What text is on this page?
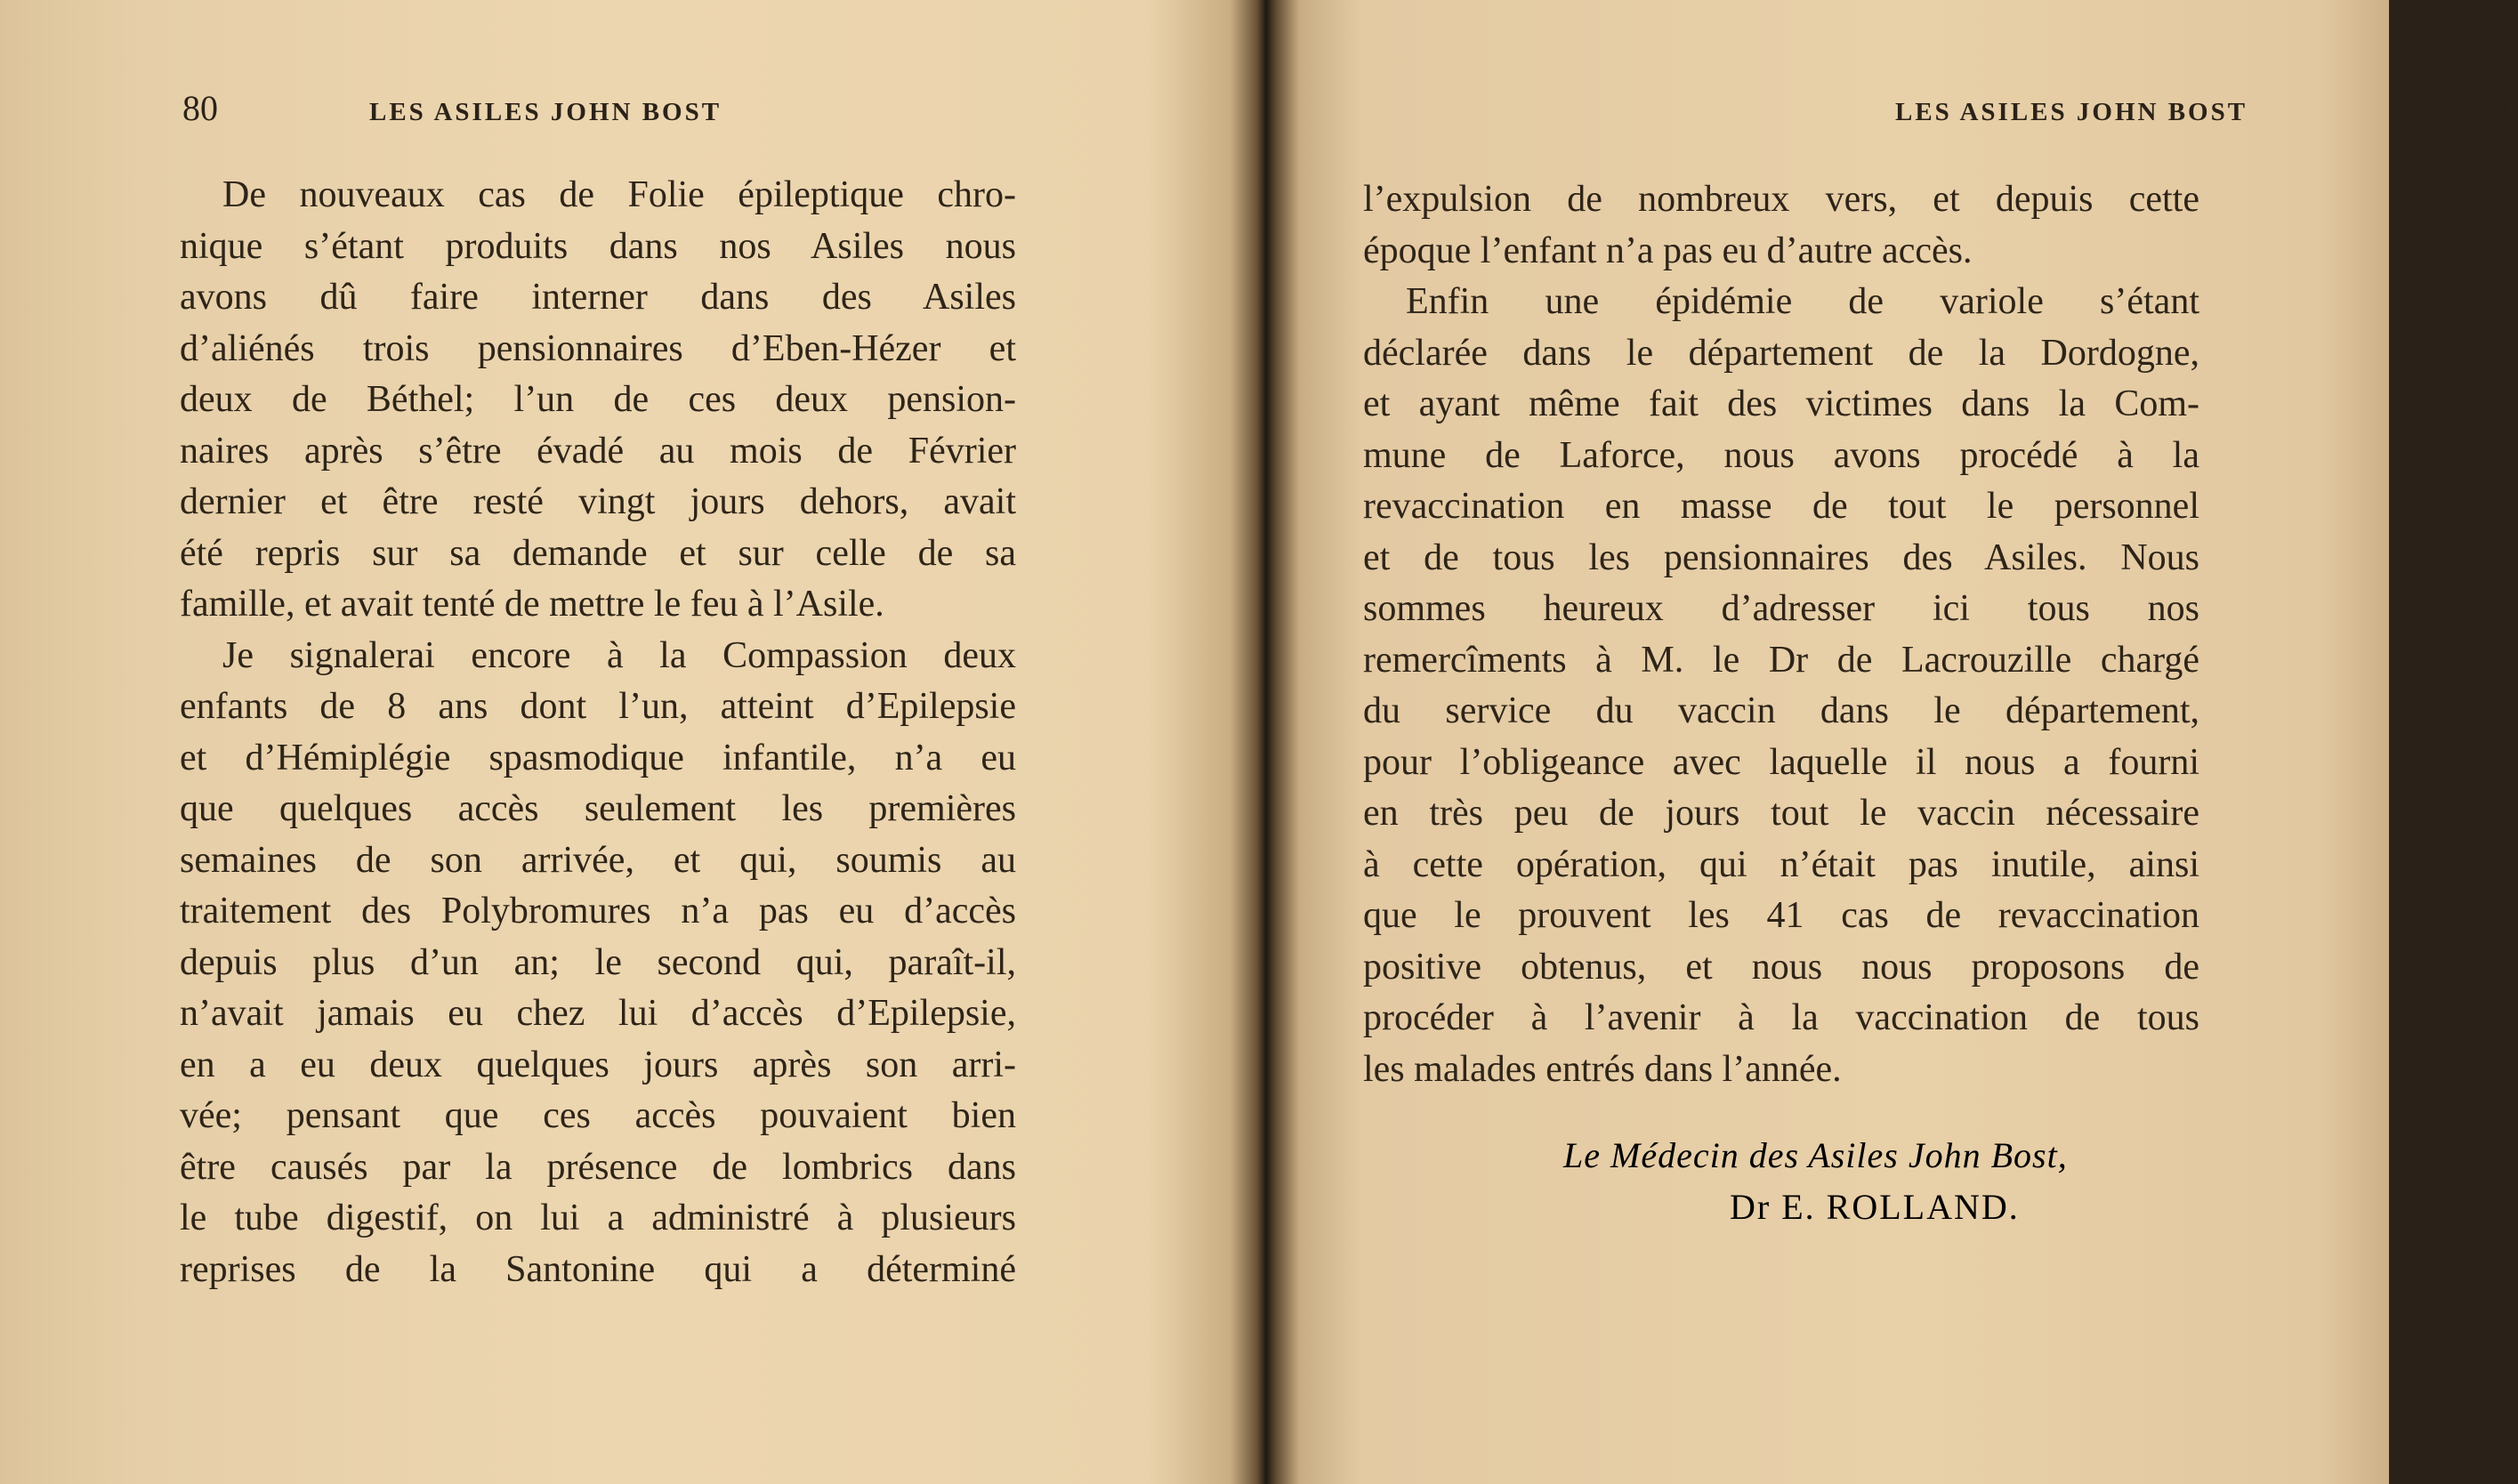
80	LES ASILES JOHN BOST
De nouveaux cas de Folie épileptique chro-
nique s’étant produits dans nos Asiles nous
avons dû faire interner dans des Asiles
d’aliénés trois pensionnaires d’Eben-Hézer et
deux de Béthel; l’un de ces deux pension-
naires après s’être évadé au mois de Février
dernier et être resté vingt jours dehors, avait
été repris sur sa demande et sur celle de sa
famille, et avait tenté de mettre le feu à l’Asile.
Je signalerai encore à la Compassion deux
enfants de 8 ans dont l’un, atteint d’Epilepsie
et d’Hémiplégie spasmodique infantile, n’a eu
que quelques accès seulement les premières
semaines de son arrivée, et qui, soumis au
traitement des Polybromures n’a pas eu d’accès
depuis plus d’un an; le second qui, paraît-il,
n’avait jamais eu chez lui d’accès d’Epilepsie,
en a eu deux quelques jours après son arri-
vée; pensant que ces accès pouvaient bien
être causés par la présence de lombrics dans
le tube digestif, on lui a administré à plusieurs
reprises de la Santonine qui a déterminé
LES ASILES JOHN BOST	81
l’expulsion de nombreux vers, et depuis cette
époque l’enfant n’a pas eu d’autre accès.
Enfin une épidémie de variole s’étant
déclarée dans le département de la Dordogne,
et ayant même fait des victimes dans la Com-
mune de Laforce, nous avons procédé à la
revaccination en masse de tout le personnel
et de tous les pensionnaires des Asiles. Nous
sommes heureux d’adresser ici tous nos
remercîments à M. le Dr de Lacrouzille chargé
du service du vaccin dans le département,
pour l’obligeance avec laquelle il nous a fourni
en très peu de jours tout le vaccin nécessaire
à cette opération, qui n’était pas inutile, ainsi
que le prouvent les 41 cas de revaccination
positive obtenus, et nous nous proposons de
procéder à l’avenir à la vaccination de tous
les malades entrés dans l’année.
Le Médecin des Asiles John Bost,
Dr E. ROLLAND.
